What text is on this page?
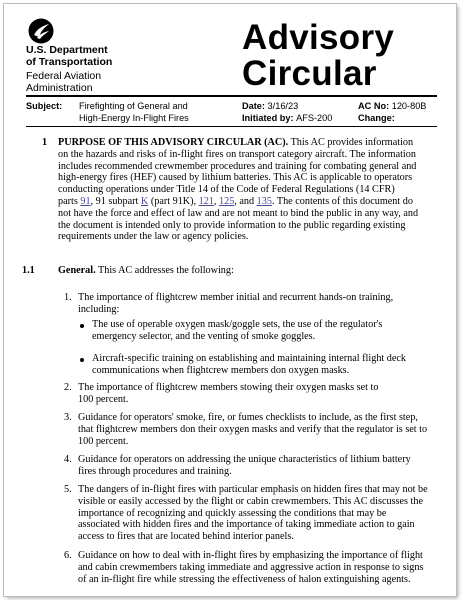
U.S. Department
of Transportation
Federal Aviation
Administration
Advisory
Circular
Subject: Firefighting of General and
High-Energy In-Flight Fires
Date: 3/16/23
Initiated by: AFS-200
AC No: 120-80B
Change:
1 PURPOSE OF THIS ADVISORY CIRCULAR (AC). This AC provides information
on the hazards and risks of in-flight fires on transport category aircraft. The information
includes recommended crewmember procedures and training for combating general and
high-energy fires (HEF) caused by lithium batteries. This AC is applicable to operators
conducting operations under Title 14 of the Code of Federal Regulations (14 CFR)
parts 91, 91 subpart K (part 91K), 121, 125, and 135. The contents of this document do
not have the force and effect of law and are not meant to bind the public in any way, and
the document is intended only to provide information to the public regarding existing
requirements under the law or agency policies.
1.1 General. This AC addresses the following:
1. The importance of flightcrew member initial and recurrent hands-on training,
including:
The use of operable oxygen mask/goggle sets, the use of the regulator's
emergency selector, and the venting of smoke goggles.
Aircraft-specific training on establishing and maintaining internal flight deck
communications when flightcrew members don oxygen masks.
2. The importance of flightcrew members stowing their oxygen masks set to
100 percent.
3. Guidance for operators' smoke, fire, or fumes checklists to include, as the first step,
that flightcrew members don their oxygen masks and verify that the regulator is set to
100 percent.
4. Guidance for operators on addressing the unique characteristics of lithium battery
fires through procedures and training.
5. The dangers of in-flight fires with particular emphasis on hidden fires that may not be
visible or easily accessed by the flight or cabin crewmembers. This AC discusses the
importance of recognizing and quickly assessing the conditions that may be
associated with hidden fires and the importance of taking immediate action to gain
access to fires that are located behind interior panels.
6. Guidance on how to deal with in-flight fires by emphasizing the importance of flight
and cabin crewmembers taking immediate and aggressive action in response to signs
of an in-flight fire while stressing the effectiveness of halon extinguishing agents.
